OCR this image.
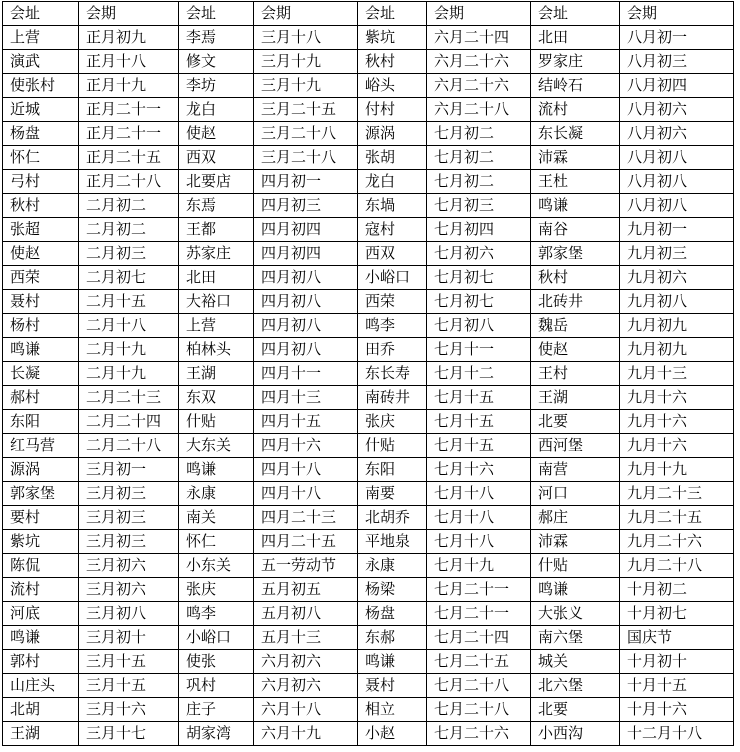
会址	会期	会址	会期	会址	会期	会址	会期
上营	正月初九	李焉	三月十八	紫坑	六月二十四	北田	八月初一
演武	正月十八	修文	三月十九	秋村	六月二十六	罗家庄	八月初三
使张村	正月十九	李坊	三月十九	峪头	六月二十六	结岭石	八月初四
近城	正月二十一	龙白	三月二十五	付村	六月二十八	流村	八月初六
杨盘	正月二十一	使赵	三月二十八	源涡	七月初二	东长凝	八月初六
怀仁	正月二十五	西双	三月二十八	张胡	七月初二	沛霖	八月初八
弓村	正月二十八	北要店	四月初一	龙白	七月初二	王杜	八月初八
秋村	二月初二	东焉	四月初三	东堝	七月初三	鸣谦	八月初八
张超	二月初二	王都	四月初四	寇村	七月初四	南谷	九月初一
使赵	二月初三	苏家庄	四月初四	西双	七月初六	郭家堡	九月初三
西荣	二月初七	北田	四月初八	小峪口	七月初七	秋村	九月初六
聂村	二月十五	大裕口	四月初八	西荣	七月初七	北砖井	九月初八
杨村	二月十八	上营	四月初八	鸣李	七月初八	魏岳	九月初九
鸣谦	二月十九	柏林头	四月初八	田乔	七月十一	使赵	九月初九
长凝	二月十九	王湖	四月十一	东长寿	七月十二	王村	九月十三
郝村	二月二十三	东双	四月十三	南砖井	七月十五	王湖	九月十六
东阳	二月二十四	什贴	四月十五	张庆	七月十五	北要	九月十六
红马营	二月二十八	大东关	四月十六	什贴	七月十五	西河堡	九月十六
源涡	三月初一	鸣谦	四月十八	东阳	七月十六	南营	九月十九
郭家堡	三月初三	永康	四月十八	南要	七月十八	河口	九月二十三
要村	三月初三	南关	四月二十三	北胡乔	七月十八	郝庄	九月二十五
紫坑	三月初三	怀仁	四月二十五	平地泉	七月十八	沛霖	九月二十六
陈侃	三月初六	小东关	五一劳动节	永康	七月十九	什贴	九月二十八
流村	三月初六	张庆	五月初五	杨梁	七月二十一	鸣谦	十月初二
河底	三月初八	鸣李	五月初八	杨盘	七月二十一	大张义	十月初七
鸣谦	三月初十	小峪口	五月十三	东郝	七月二十四	南六堡	国庆节
郭村	三月十五	使张	六月初六	鸣谦	七月二十五	城关	十月初十
山庄头	三月十五	巩村	六月初六	聂村	七月二十八	北六堡	十月十五
北胡	三月十六	庄子	六月十八	相立	七月二十八	北要	十月十六
王湖	三月十七	胡家湾	六月十九	小赵	七月二十六	小西沟	十二月十八
